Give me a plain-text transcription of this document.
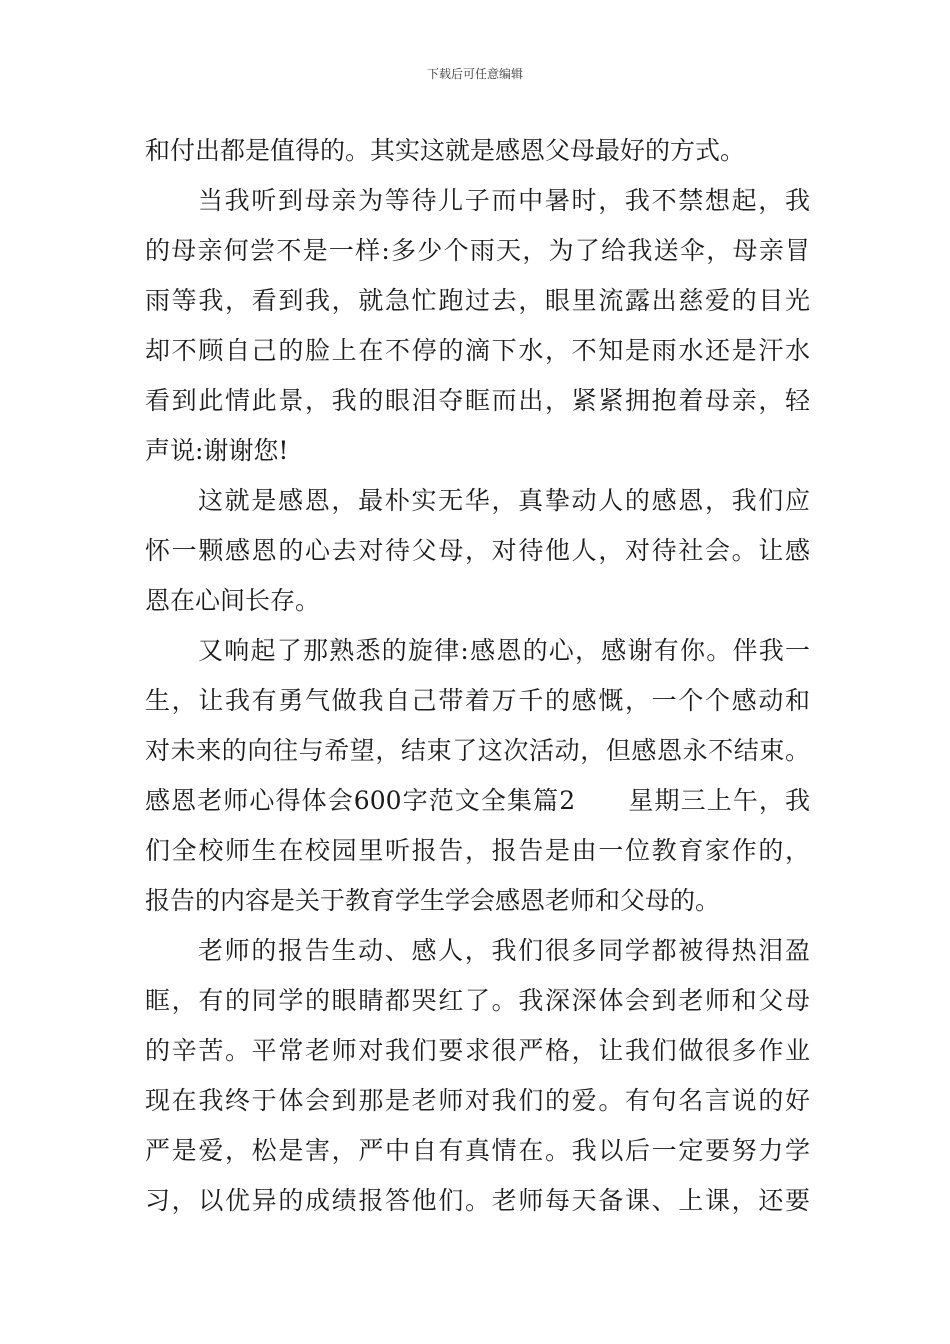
下载后可任意编辑
和付出都是值得的。其实这就是感恩父母最好的方式。
当我听到母亲为等待儿子而中暑时，我不禁想起，我
的母亲何尝不是一样:多少个雨天，为了给我送伞，母亲冒
雨等我，看到我，就急忙跑过去，眼里流露出慈爱的目光
却不顾自己的脸上在不停的滴下水，不知是雨水还是汗水
看到此情此景，我的眼泪夺眶而出，紧紧拥抱着母亲，轻
声说:谢谢您!
这就是感恩，最朴实无华，真挚动人的感恩，我们应
怀一颗感恩的心去对待父母，对待他人，对待社会。让感
恩在心间长存。
又响起了那熟悉的旋律:感恩的心，感谢有你。伴我一
生，让我有勇气做我自己带着万千的感慨，一个个感动和
对未来的向往与希望，结束了这次活动，但感恩永不结束。
感恩老师心得体会600字范文全集篇2　　星期三上午，我
们全校师生在校园里听报告，报告是由一位教育家作的，
报告的内容是关于教育学生学会感恩老师和父母的。
老师的报告生动、感人，我们很多同学都被得热泪盈
眶，有的同学的眼睛都哭红了。我深深体会到老师和父母
的辛苦。平常老师对我们要求很严格，让我们做很多作业
现在我终于体会到那是老师对我们的爱。有句名言说的好
严是爱，松是害，严中自有真情在。我以后一定要努力学
习，以优异的成绩报答他们。老师每天备课、上课，还要
